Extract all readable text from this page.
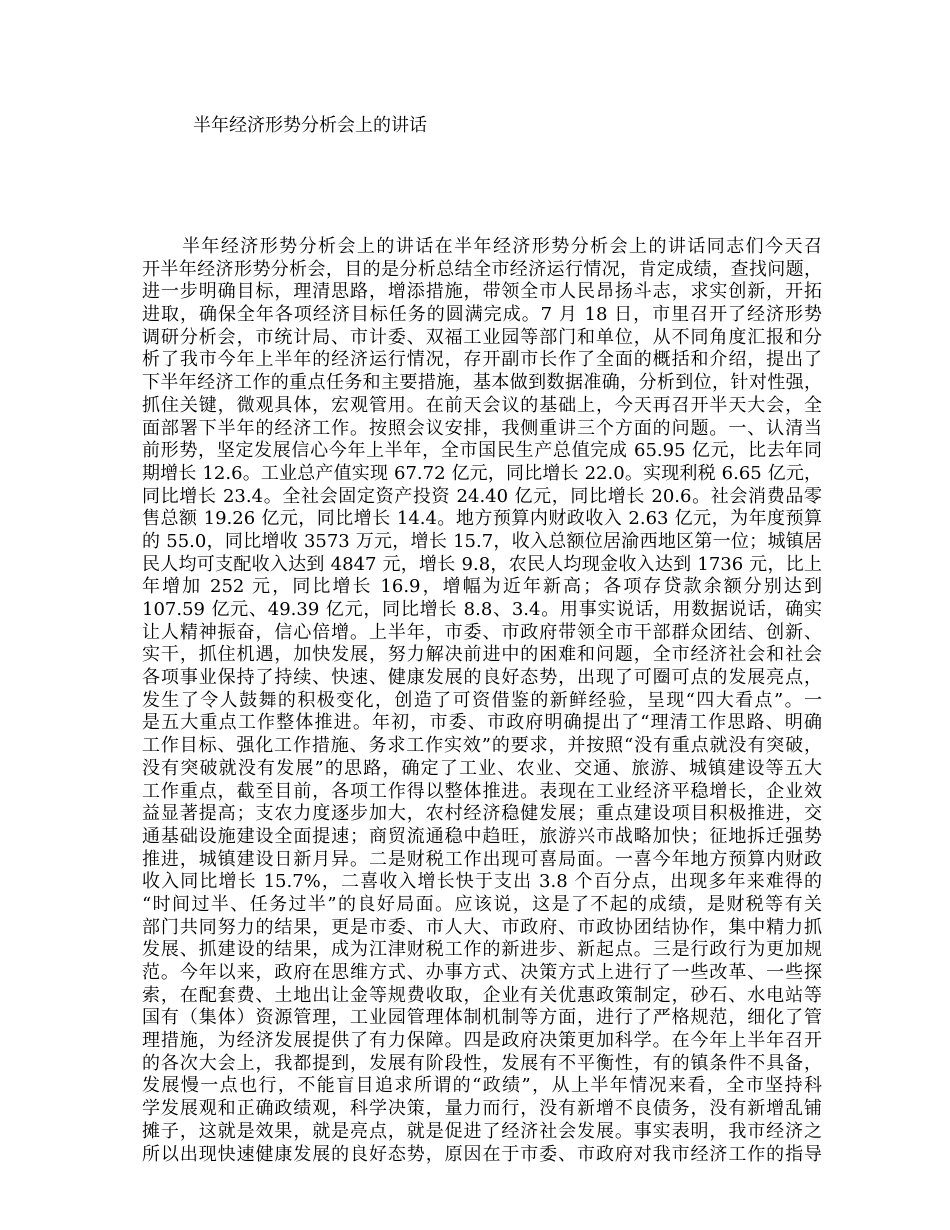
半年经济形势分析会上的讲话
半年经济形势分析会上的讲话在半年经济形势分析会上的讲话同志们今天召
开半年经济形势分析会，目的是分析总结全市经济运行情况，肯定成绩，查找问题，
进一步明确目标，理清思路，增添措施，带领全市人民昂扬斗志，求实创新，开拓
进取，确保全年各项经济目标任务的圆满完成。7 月 18 日，市里召开了经济形势
调研分析会，市统计局、市计委、双福工业园等部门和单位，从不同角度汇报和分
析了我市今年上半年的经济运行情况，存开副市长作了全面的概括和介绍，提出了
下半年经济工作的重点任务和主要措施，基本做到数据准确，分析到位，针对性强，
抓住关键，微观具体，宏观管用。在前天会议的基础上，今天再召开半天大会，全
面部署下半年的经济工作。按照会议安排，我侧重讲三个方面的问题。一、认清当
前形势，坚定发展信心今年上半年，全市国民生产总值完成 65.95 亿元，比去年同
期增长 12.6。工业总产值实现 67.72 亿元，同比增长 22.0。实现利税 6.65 亿元，
同比增长 23.4。全社会固定资产投资 24.40 亿元，同比增长 20.6。社会消费品零
售总额 19.26 亿元，同比增长 14.4。地方预算内财政收入 2.63 亿元，为年度预算
的 55.0，同比增收 3573 万元，增长 15.7，收入总额位居渝西地区第一位；城镇居
民人均可支配收入达到 4847 元，增长 9.8，农民人均现金收入达到 1736 元，比上
年增加 252 元，同比增长 16.9，增幅为近年新高；各项存贷款余额分别达到
107.59 亿元、49.39 亿元，同比增长 8.8、3.4。用事实说话，用数据说话，确实
让人精神振奋，信心倍增。上半年，市委、市政府带领全市干部群众团结、创新、
实干，抓住机遇，加快发展，努力解决前进中的困难和问题，全市经济社会和社会
各项事业保持了持续、快速、健康发展的良好态势，出现了可圈可点的发展亮点，
发生了令人鼓舞的积极变化，创造了可资借鉴的新鲜经验，呈现“四大看点”。一
是五大重点工作整体推进。年初，市委、市政府明确提出了“理清工作思路、明确
工作目标、强化工作措施、务求工作实效”的要求，并按照“没有重点就没有突破，
没有突破就没有发展”的思路，确定了工业、农业、交通、旅游、城镇建设等五大
工作重点，截至目前，各项工作得以整体推进。表现在工业经济平稳增长，企业效
益显著提高；支农力度逐步加大，农村经济稳健发展；重点建设项目积极推进，交
通基础设施建设全面提速；商贸流通稳中趋旺，旅游兴市战略加快；征地拆迁强势
推进，城镇建设日新月异。二是财税工作出现可喜局面。一喜今年地方预算内财政
收入同比增长 15.7%，二喜收入增长快于支出 3.8 个百分点，出现多年来难得的
“时间过半、任务过半”的良好局面。应该说，这是了不起的成绩，是财税等有关
部门共同努力的结果，更是市委、市人大、市政府、市政协团结协作，集中精力抓
发展、抓建设的结果，成为江津财税工作的新进步、新起点。三是行政行为更加规
范。今年以来，政府在思维方式、办事方式、决策方式上进行了一些改革、一些探
索，在配套费、土地出让金等规费收取，企业有关优惠政策制定，砂石、水电站等
国有（集体）资源管理，工业园管理体制机制等方面，进行了严格规范，细化了管
理措施，为经济发展提供了有力保障。四是政府决策更加科学。在今年上半年召开
的各次大会上，我都提到，发展有阶段性，发展有不平衡性，有的镇条件不具备，
发展慢一点也行，不能盲目追求所谓的“政绩”，从上半年情况来看，全市坚持科
学发展观和正确政绩观，科学决策，量力而行，没有新增不良债务，没有新增乱铺
摊子，这就是效果，就是亮点，就是促进了经济社会发展。事实表明，我市经济之
所以出现快速健康发展的良好态势，原因在于市委、市政府对我市经济工作的指导
